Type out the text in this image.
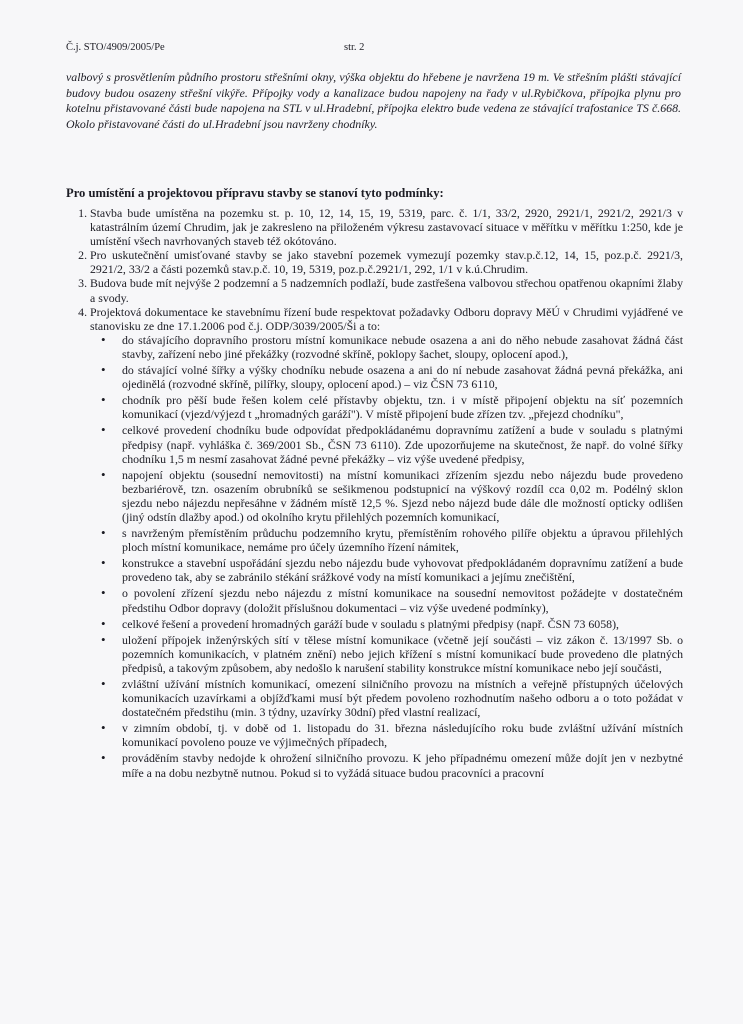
Č.j. STO/4909/2005/Pe	str. 2
valbový s prosvětlením půdního prostoru střešními okny, výška objektu do hřebene je navržena 19 m. Ve střešním plášti stávající budovy budou osazeny střešní vikýře. Přípojky vody a kanalizace budou napojeny na řady v ul.Rybičkova, přípojka plynu pro kotelnu přistavované části bude napojena na STL v ul.Hradební, přípojka elektro bude vedena ze stávající trafostanice TS č.668. Okolo přistavované části do ul.Hradební jsou navrženy chodníky.
Pro umístění a projektovou přípravu stavby se stanoví tyto podmínky:
1. Stavba bude umístěna na pozemku st. p. 10, 12, 14, 15, 19, 5319, parc. č. 1/1, 33/2, 2920, 2921/1, 2921/2, 2921/3 v katastrálním území Chrudim, jak je zakresleno na přiloženém výkresu zastavovací situace v měřítku v měřítku 1:250, kde je umístění všech navrhovaných staveb též okótováno.
2. Pro uskutečnění umisťované stavby se jako stavební pozemek vymezují pozemky stav.p.č.12, 14, 15, poz.p.č. 2921/3, 2921/2, 33/2 a části pozemků stav.p.č. 10, 19, 5319, poz.p.č.2921/1, 292, 1/1 v k.ú.Chrudim.
3. Budova bude mít nejvýše 2 podzemní a 5 nadzemních podlaží, bude zastřešena valbovou střechou opatřenou okapními žlaby a svody.
4. Projektová dokumentace ke stavebnímu řízení bude respektovat požadavky Odboru dopravy MěÚ v Chrudimi vyjádřené ve stanovisku ze dne 17.1.2006 pod č.j. ODP/3039/2005/Ši a to:
• do stávajícího dopravního prostoru místní komunikace nebude osazena a ani do něho nebude zasahovat žádná část stavby, zařízení nebo jiné překážky (rozvodné skříně, poklopy šachet, sloupy, oplocení apod.),
• do stávající volné šířky a výšky chodníku nebude osazena a ani do ní nebude zasahovat žádná pevná překážka, ani ojedinělá (rozvodné skříně, pilířky, sloupy, oplocení apod.) – viz ČSN 73 6110,
• chodník pro pěší bude řešen kolem celé přístavby objektu, tzn. i v místě připojení objektu na síť pozemních komunikací (vjezd/výjezd t „hromadných garáží"). V místě připojení bude zřízen tzv. „přejezd chodníku",
• celkové provedení chodníku bude odpovídat předpokládanému dopravnímu zatížení a bude v souladu s platnými předpisy (např. vyhláška č. 369/2001 Sb., ČSN 73 6110). Zde upozorňujeme na skutečnost, že např. do volné šířky chodníku 1,5 m nesmí zasahovat žádné pevné překážky – viz výše uvedené předpisy,
• napojení objektu (sousední nemovitosti) na místní komunikaci zřízením sjezdu nebo nájezdu bude provedeno bezbariérově, tzn. osazením obrubníků se sešikmenou podstupnicí na výškový rozdíl cca 0,02 m. Podélný sklon sjezdu nebo nájezdu nepřesáhne v žádném místě 12,5 %. Sjezd nebo nájezd bude dále dle možností opticky odlišen (jiný odstín dlažby apod.) od okolního krytu přilehlých pozemních komunikací,
• s navrženým přemístěním průduchu podzemního krytu, přemístěním rohového pilíře objektu a úpravou přilehlých ploch místní komunikace, nemáme pro účely územního řízení námitek,
• konstrukce a stavební uspořádání sjezdu nebo nájezdu bude vyhovovat předpokládaném dopravnímu zatížení a bude provedeno tak, aby se zabránilo stékání srážkové vody na místí komunikaci a jejímu znečištění,
• o povolení zřízení sjezdu nebo nájezdu z místní komunikace na sousední nemovitost požádejte v dostatečném předstihu Odbor dopravy (doložit příslušnou dokumentaci – viz výše uvedené podmínky),
• celkové řešení a provedení hromadných garáží bude v souladu s platnými předpisy (např. ČSN 73 6058),
• uložení přípojek inženýrských sítí v tělese místní komunikace (včetně její součásti – viz zákon č. 13/1997 Sb. o pozemních komunikacích, v platném znění) nebo jejich křížení s místní komunikací bude provedeno dle platných předpisů, a takovým způsobem, aby nedošlo k narušení stability konstrukce místní komunikace nebo její součásti,
• zvláštní užívání místních komunikací, omezení silničního provozu na místních a veřejně přístupných účelových komunikacích uzavírkami a objížďkami musí být předem povoleno rozhodnutím našeho odboru a o toto požádat v dostatečném předstihu (min. 3 týdny, uzavírky 30dní) před vlastní realizací,
• v zimním období, tj. v době od 1. listopadu do 31. března následujícího roku bude zvláštní užívání místních komunikací povoleno pouze ve výjimečných případech,
• prováděním stavby nedojde k ohrožení silničního provozu. K jeho případnému omezení může dojít jen v nezbytné míře a na dobu nezbytně nutnou. Pokud si to vyžádá situace budou pracovníci a pracovní
